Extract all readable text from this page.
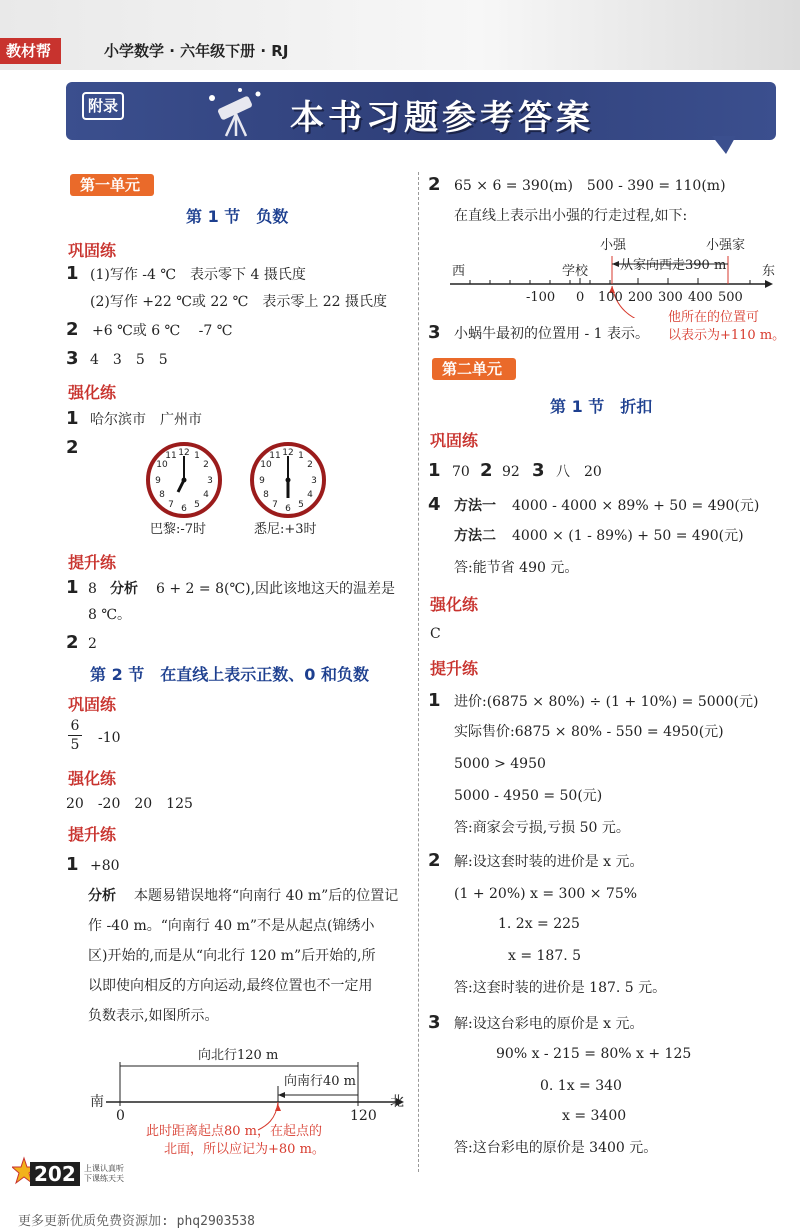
教材帮	小学数学 · 六年级下册 · RJ
附录	本书习题参考答案
第一单元
第 1 节　负数
巩固练
1 (1)写作 -4 ℃　表示零下 4 摄氏度
(2)写作 +22 ℃或 22 ℃　表示零上 22 摄氏度
2 +6 ℃或 6 ℃　 -7 ℃
3 4　3　5　5
强化练
1 哈尔滨市　广州市
2	12 1
2
3
4
5
6
7
8
9
10
11	12 1
2
3
4
5
6
7
8
9
10
11
巴黎:-7时	悉尼:+3时
提升练
1 8 分析 6 + 2 = 8(℃),因此该地这天的温差是
8 ℃。
2 2
第 2 节　在直线上表示正数、0 和负数
巩固练
6
5 -10
强化练
20　-20　20　125
提升练
1 +80
分析 本题易错误地将“向南行 40 m”后的位置记
作 -40 m。“向南行 40 m”不是从起点(锦绣小
区)开始的,而是从“向北行 120 m”后开始的,所
以即使向相反的方向运动,最终位置也不一定用
负数表示,如图所示。
向北行120 m
向南行40 m
南	北
0	120
此时距离起点80 m，在起点的
北面，所以应记为+80 m。
2 65 × 6 = 390(m)　500 - 390 = 110(m)
在直线上表示出小强的行走过程,如下:
小强	小强家
西	学校 从家向西走390 m	东
-100 0 100 200 300 400 500
他所在的位置可
以表示为+110 m。
3 小蜗牛最初的位置用 - 1 表示。
第二单元
第 1 节　折扣
巩固练
1 70 2 92 3 八　20
4 方法一 4000 - 4000 × 89% + 50 = 490(元)
方法二 4000 × (1 - 89%) + 50 = 490(元)
答:能节省 490 元。
强化练
C
提升练
1 进价:(6875 × 80%) ÷ (1 + 10%) = 5000(元)
实际售价:6875 × 80% - 550 = 4950(元)
5000 > 4950
5000 - 4950 = 50(元)
答:商家会亏损,亏损 50 元。
2 解:设这套时装的进价是 x 元。
(1 + 20%) x = 300 × 75%
1. 2x = 225
x = 187. 5
答:这套时装的进价是 187. 5 元。
3 解:设这台彩电的原价是 x 元。
90% x - 215 = 80% x + 125
0. 1x = 340
x = 3400
答:这台彩电的原价是 3400 元。
202	上课认真听
下课练天天
更多更新优质免费资源加: phq2903538
